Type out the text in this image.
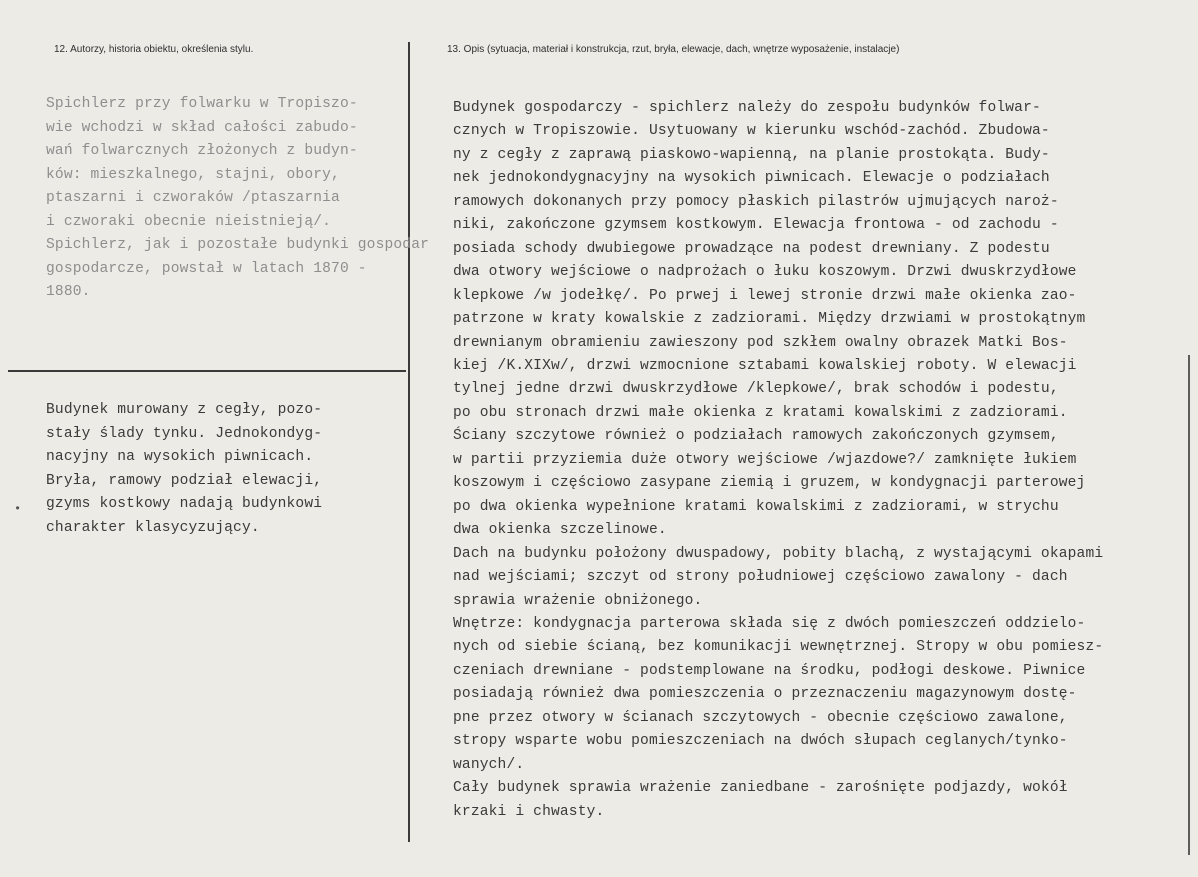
12. Autorzy, historia obiektu, określenia stylu.	13. Opis (sytuacja, materiał i konstrukcja, rzut, bryła, elewacje, dach, wnętrze wyposażenie, instalacje)
•

Spichlerz przy folwarku w Tropiszo-

wie wchodzi w skład całości zabudo-

wań folwarcznych złożonych z budyn-

ków: mieszkalnego, stajni, obory,

ptaszarni i czworaków /ptaszarnia

i czworaki obecnie nieistnieją/.

Spichlerz, jak i pozostałe budynki gospodar

gospodarcze, powstał w latach 1870 -

1880.

Budynek murowany z cegły, pozo-

stały ślady tynku. Jednokondyg-

nacyjny na wysokich piwnicach.

Bryła, ramowy podział elewacji,

gzyms kostkowy nadają budynkowi

charakter klasycyzujący.

Budynek gospodarczy - spichlerz należy do zespołu budynków folwar-

cznych w Tropiszowie. Usytuowany w kierunku wschód-zachód. Zbudowa-

ny z cegły z zaprawą piaskowo-wapienną, na planie prostokąta. Budy-

nek jednokondygnacyjny na wysokich piwnicach. Elewacje o podziałach

ramowych dokonanych przy pomocy płaskich pilastrów ujmujących naroż-

niki, zakończone gzymsem kostkowym. Elewacja frontowa - od zachodu -

posiada schody dwubiegowe prowadzące na podest drewniany. Z podestu

dwa otwory wejściowe o nadprożach o łuku koszowym. Drzwi dwuskrzydłowe

klepkowe /w jodełkę/. Po prwej i lewej stronie drzwi małe okienka zao-

patrzone w kraty kowalskie z zadziorami. Między drzwiami w prostokątnym

drewnianym obramieniu zawieszony pod szkłem owalny obrazek Matki Bos-

kiej /K.XIXw/, drzwi wzmocnione sztabami kowalskiej roboty. W elewacji

tylnej jedne drzwi dwuskrzydłowe /klepkowe/, brak schodów i podestu,

po obu stronach drzwi małe okienka z kratami kowalskimi z zadziorami.

Ściany szczytowe również o podziałach ramowych zakończonych gzymsem,

w partii przyziemia duże otwory wejściowe /wjazdowe?/ zamknięte łukiem

koszowym i częściowo zasypane ziemią i gruzem, w kondygnacji parterowej

po dwa okienka wypełnione kratami kowalskimi z zadziorami, w strychu

dwa okienka szczelinowe.

Dach na budynku położony dwuspadowy, pobity blachą, z wystającymi okapami

nad wejściami; szczyt od strony południowej częściowo zawalony - dach

sprawia wrażenie obniżonego.

Wnętrze: kondygnacja parterowa składa się z dwóch pomieszczeń oddzielo-

nych od siebie ścianą, bez komunikacji wewnętrznej. Stropy w obu pomiesz-

czeniach drewniane - podstemplowane na środku, podłogi deskowe. Piwnice

posiadają również dwa pomieszczenia o przeznaczeniu magazynowym dostę-

pne przez otwory w ścianach szczytowych - obecnie częściowo zawalone,

stropy wsparte wobu pomieszczeniach na dwóch słupach ceglanych/tynko-

wanych/.

Cały budynek sprawia wrażenie zaniedbane - zarośnięte podjazdy, wokół

krzaki i chwasty.
